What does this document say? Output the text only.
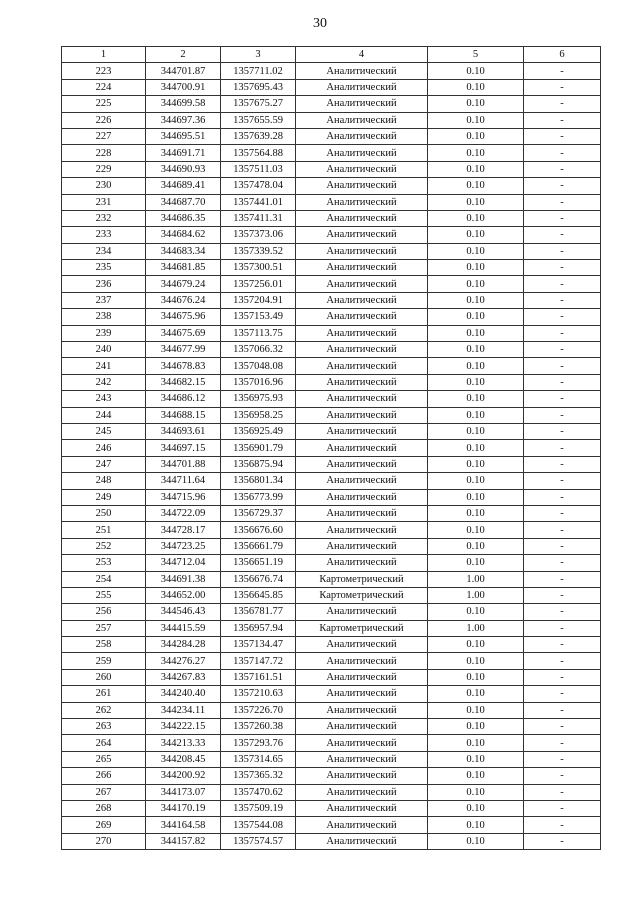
30
1	2	3	4	5	6
223	344701.87	1357711.02	Аналитический	0.10	-
224	344700.91	1357695.43	Аналитический	0.10	-
225	344699.58	1357675.27	Аналитический	0.10	-
226	344697.36	1357655.59	Аналитический	0.10	-
227	344695.51	1357639.28	Аналитический	0.10	-
228	344691.71	1357564.88	Аналитический	0.10	-
229	344690.93	1357511.03	Аналитический	0.10	-
230	344689.41	1357478.04	Аналитический	0.10	-
231	344687.70	1357441.01	Аналитический	0.10	-
232	344686.35	1357411.31	Аналитический	0.10	-
233	344684.62	1357373.06	Аналитический	0.10	-
234	344683.34	1357339.52	Аналитический	0.10	-
235	344681.85	1357300.51	Аналитический	0.10	-
236	344679.24	1357256.01	Аналитический	0.10	-
237	344676.24	1357204.91	Аналитический	0.10	-
238	344675.96	1357153.49	Аналитический	0.10	-
239	344675.69	1357113.75	Аналитический	0.10	-
240	344677.99	1357066.32	Аналитический	0.10	-
241	344678.83	1357048.08	Аналитический	0.10	-
242	344682.15	1357016.96	Аналитический	0.10	-
243	344686.12	1356975.93	Аналитический	0.10	-
244	344688.15	1356958.25	Аналитический	0.10	-
245	344693.61	1356925.49	Аналитический	0.10	-
246	344697.15	1356901.79	Аналитический	0.10	-
247	344701.88	1356875.94	Аналитический	0.10	-
248	344711.64	1356801.34	Аналитический	0.10	-
249	344715.96	1356773.99	Аналитический	0.10	-
250	344722.09	1356729.37	Аналитический	0.10	-
251	344728.17	1356676.60	Аналитический	0.10	-
252	344723.25	1356661.79	Аналитический	0.10	-
253	344712.04	1356651.19	Аналитический	0.10	-
254	344691.38	1356676.74	Картометрический	1.00	-
255	344652.00	1356645.85	Картометрический	1.00	-
256	344546.43	1356781.77	Аналитический	0.10	-
257	344415.59	1356957.94	Картометрический	1.00	-
258	344284.28	1357134.47	Аналитический	0.10	-
259	344276.27	1357147.72	Аналитический	0.10	-
260	344267.83	1357161.51	Аналитический	0.10	-
261	344240.40	1357210.63	Аналитический	0.10	-
262	344234.11	1357226.70	Аналитический	0.10	-
263	344222.15	1357260.38	Аналитический	0.10	-
264	344213.33	1357293.76	Аналитический	0.10	-
265	344208.45	1357314.65	Аналитический	0.10	-
266	344200.92	1357365.32	Аналитический	0.10	-
267	344173.07	1357470.62	Аналитический	0.10	-
268	344170.19	1357509.19	Аналитический	0.10	-
269	344164.58	1357544.08	Аналитический	0.10	-
270	344157.82	1357574.57	Аналитический	0.10	-
